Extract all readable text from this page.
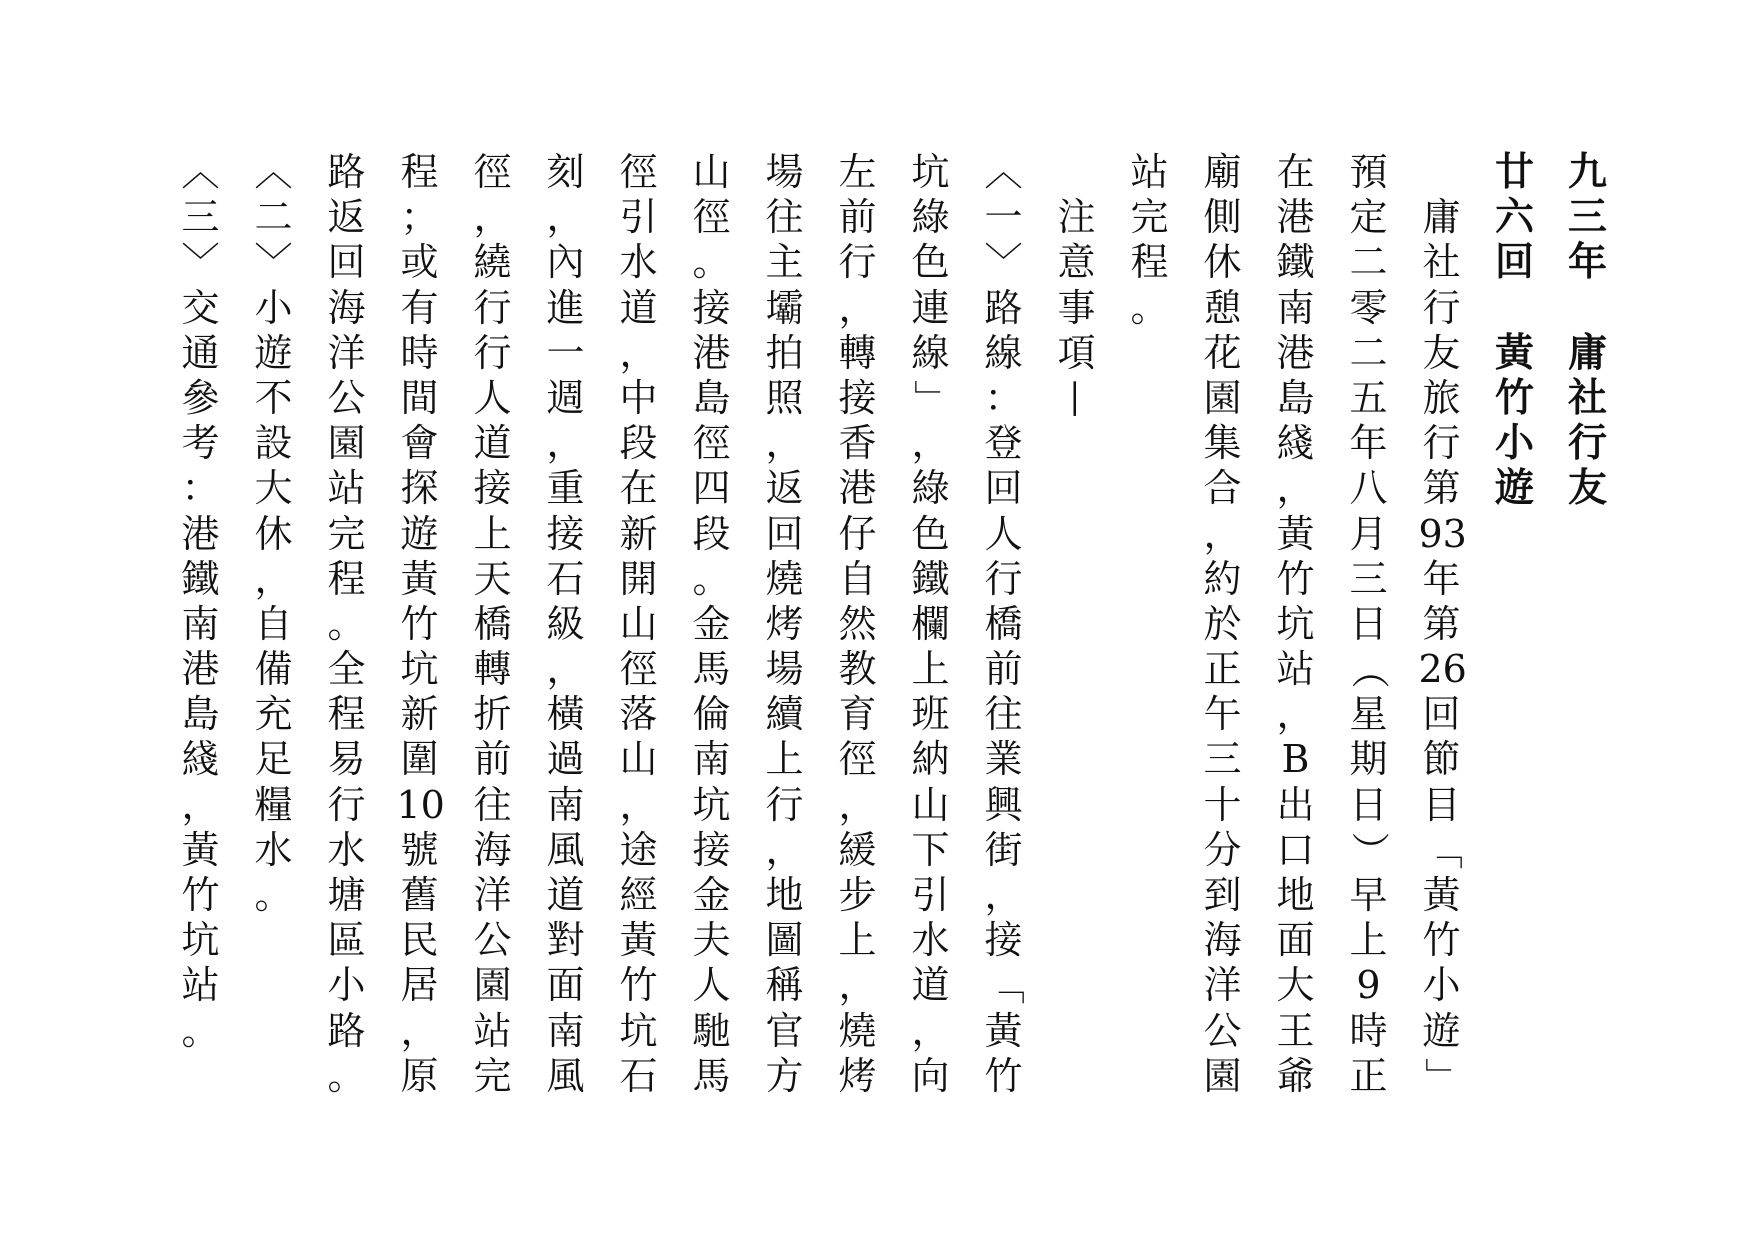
九
三
年
庸
社
行
友
廿
六
回
黃
竹
小
遊
庸
社
行
友
旅
行
第
93
年
第
26
回
節
目
「
黃
竹
小
遊
」
預
定
二
零
二
五
年
八
月
三
日
（
星
期
日
）
早
上
9
時
正
在
港
鐵
南
港
島
綫
，
黃
竹
坑
站
，
B
出
口
地
面
大
王
爺
廟
側
休
憩
花
園
集
合
，
約
於
正
午
三
十
分
到
海
洋
公
園
站
完
程
。
注
意
事
項
—
︿
一
﹀
路
線
：
登
回
人
行
橋
前
往
業
興
街
，
接
「
黃
竹
坑
綠
色
連
線
」
，
綠
色
鐵
欄
上
班
納
山
下
引
水
道
，
向
左
前
行
，
轉
接
香
港
仔
自
然
教
育
徑
，
緩
步
上
，
燒
烤
場
往
主
壩
拍
照
，
返
回
燒
烤
場
續
上
行
，
地
圖
稱
官
方
山
徑
。
接
港
島
徑
四
段
。
金
馬
倫
南
坑
接
金
夫
人
馳
馬
徑
引
水
道
，
中
段
在
新
開
山
徑
落
山
，
途
經
黃
竹
坑
石
刻
，
內
進
一
週
，
重
接
石
級
，
橫
過
南
風
道
對
面
南
風
徑
，
繞
行
行
人
道
接
上
天
橋
轉
折
前
往
海
洋
公
園
站
完
程
；
或
有
時
間
會
探
遊
黃
竹
坑
新
圍
10
號
舊
民
居
，
原
路
返
回
海
洋
公
園
站
完
程
。
全
程
易
行
水
塘
區
小
路
。
︿
二
﹀
小
遊
不
設
大
休
，
自
備
充
足
糧
水
。
︿
三
﹀
交
通
參
考
：
港
鐵
南
港
島
綫
，
黃
竹
坑
站
。
